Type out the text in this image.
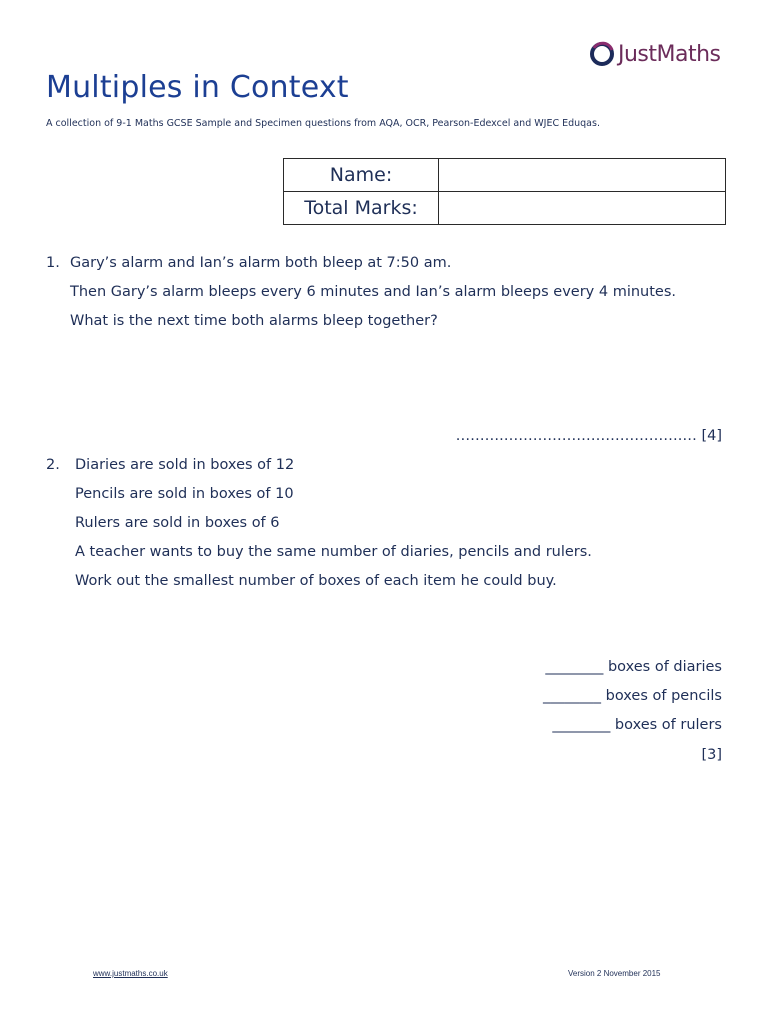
JustMaths
Multiples in Context

A collection of 9-1 Maths GCSE Sample and Specimen questions from AQA, OCR, Pearson-Edexcel and WJEC Eduqas.

Name:	
Total Marks:	

1. Gary’s alarm and Ian’s alarm both bleep at 7:50 am.

Then Gary’s alarm bleeps every 6 minutes and Ian’s alarm bleeps every 4 minutes.

What is the next time both alarms bleep together?

……….……………………………….… [4]

2. Diaries are sold in boxes of 12

Pencils are sold in boxes of 10

Rulers are sold in boxes of 6

A teacher wants to buy the same number of diaries, pencils and rulers.

Work out the smallest number of boxes of each item he could buy.

________ boxes of diaries

________ boxes of pencils

________ boxes of rulers

[3]

www.justmaths.co.uk	Version 2 November 2015
